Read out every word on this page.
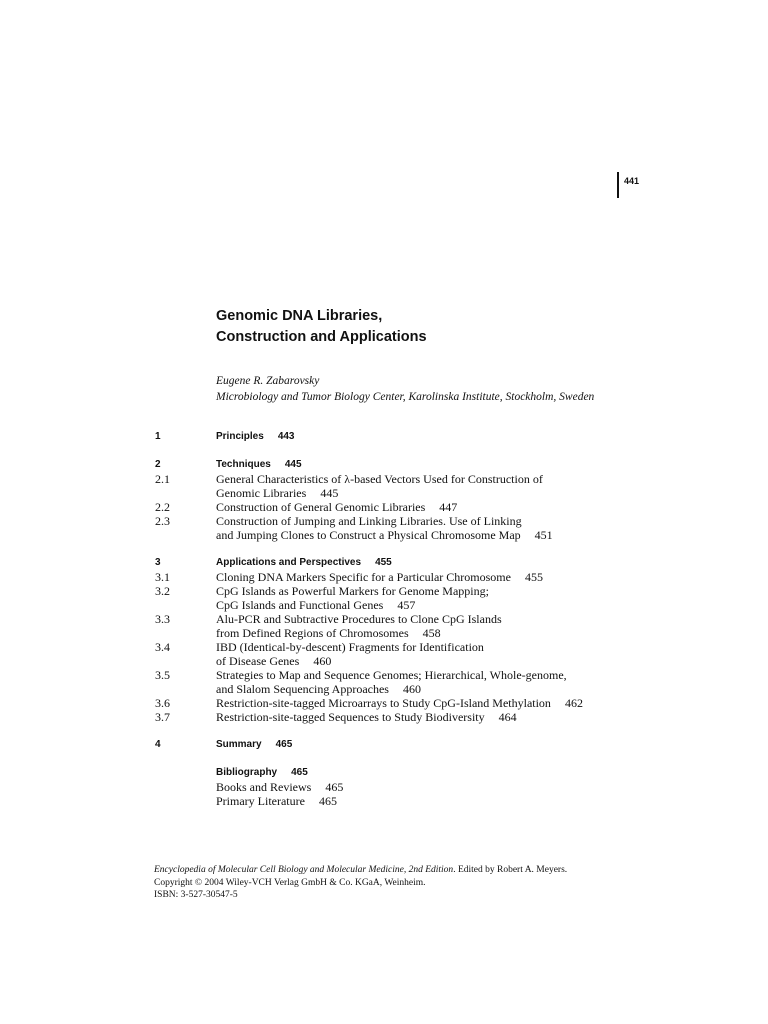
441
Genomic DNA Libraries,
Construction and Applications
Eugene R. Zabarovsky
Microbiology and Tumor Biology Center, Karolinska Institute, Stockholm, Sweden
1	Principles 443
2	Techniques 445
2.1	General Characteristics of λ-based Vectors Used for Construction of
Genomic Libraries 445
2.2	Construction of General Genomic Libraries 447
2.3	Construction of Jumping and Linking Libraries. Use of Linking
and Jumping Clones to Construct a Physical Chromosome Map 451
3	Applications and Perspectives 455
3.1	Cloning DNA Markers Specific for a Particular Chromosome 455
3.2	CpG Islands as Powerful Markers for Genome Mapping;
CpG Islands and Functional Genes 457
3.3	Alu-PCR and Subtractive Procedures to Clone CpG Islands
from Defined Regions of Chromosomes 458
3.4	IBD (Identical-by-descent) Fragments for Identification
of Disease Genes 460
3.5	Strategies to Map and Sequence Genomes; Hierarchical, Whole-genome,
and Slalom Sequencing Approaches 460
3.6	Restriction-site-tagged Microarrays to Study CpG-Island Methylation 462
3.7	Restriction-site-tagged Sequences to Study Biodiversity 464
4	Summary 465
Bibliography 465
Books and Reviews 465
Primary Literature 465
Encyclopedia of Molecular Cell Biology and Molecular Medicine, 2nd Edition. Edited by Robert A. Meyers.
Copyright © 2004 Wiley-VCH Verlag GmbH & Co. KGaA, Weinheim.
ISBN: 3-527-30547-5
